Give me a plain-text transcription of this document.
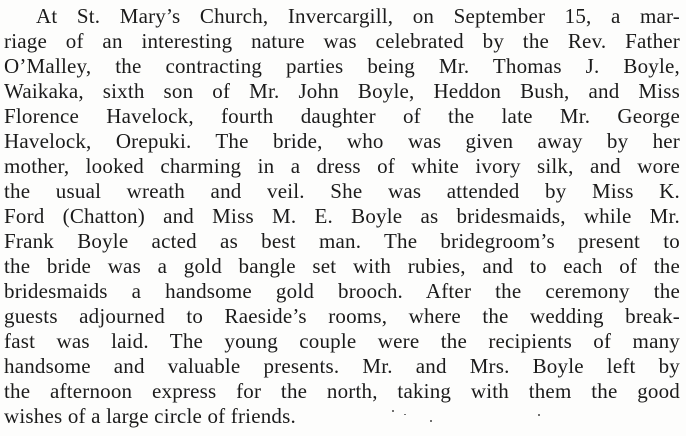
At St. Mary’s Church, Invercargill, on September 15, a mar-
riage of an interesting nature was celebrated by the Rev. Father
O’Malley, the contracting parties being Mr. Thomas J. Boyle,
Waikaka, sixth son of Mr. John Boyle, Heddon Bush, and Miss
Florence Havelock, fourth daughter of the late Mr. George
Havelock, Orepuki. The bride, who was given away by her
mother, looked charming in a dress of white ivory silk, and wore
the usual wreath and veil. She was attended by Miss K.
Ford (Chatton) and Miss M. E. Boyle as bridesmaids, while Mr.
Frank Boyle acted as best man. The bridegroom’s present to
the bride was a gold bangle set with rubies, and to each of the
bridesmaids a handsome gold brooch. After the ceremony the
guests adjourned to Raeside’s rooms, where the wedding break-
fast was laid. The young couple were the recipients of many
handsome and valuable presents. Mr. and Mrs. Boyle left by
the afternoon express for the north, taking with them the good
wishes of a large circle of friends.
